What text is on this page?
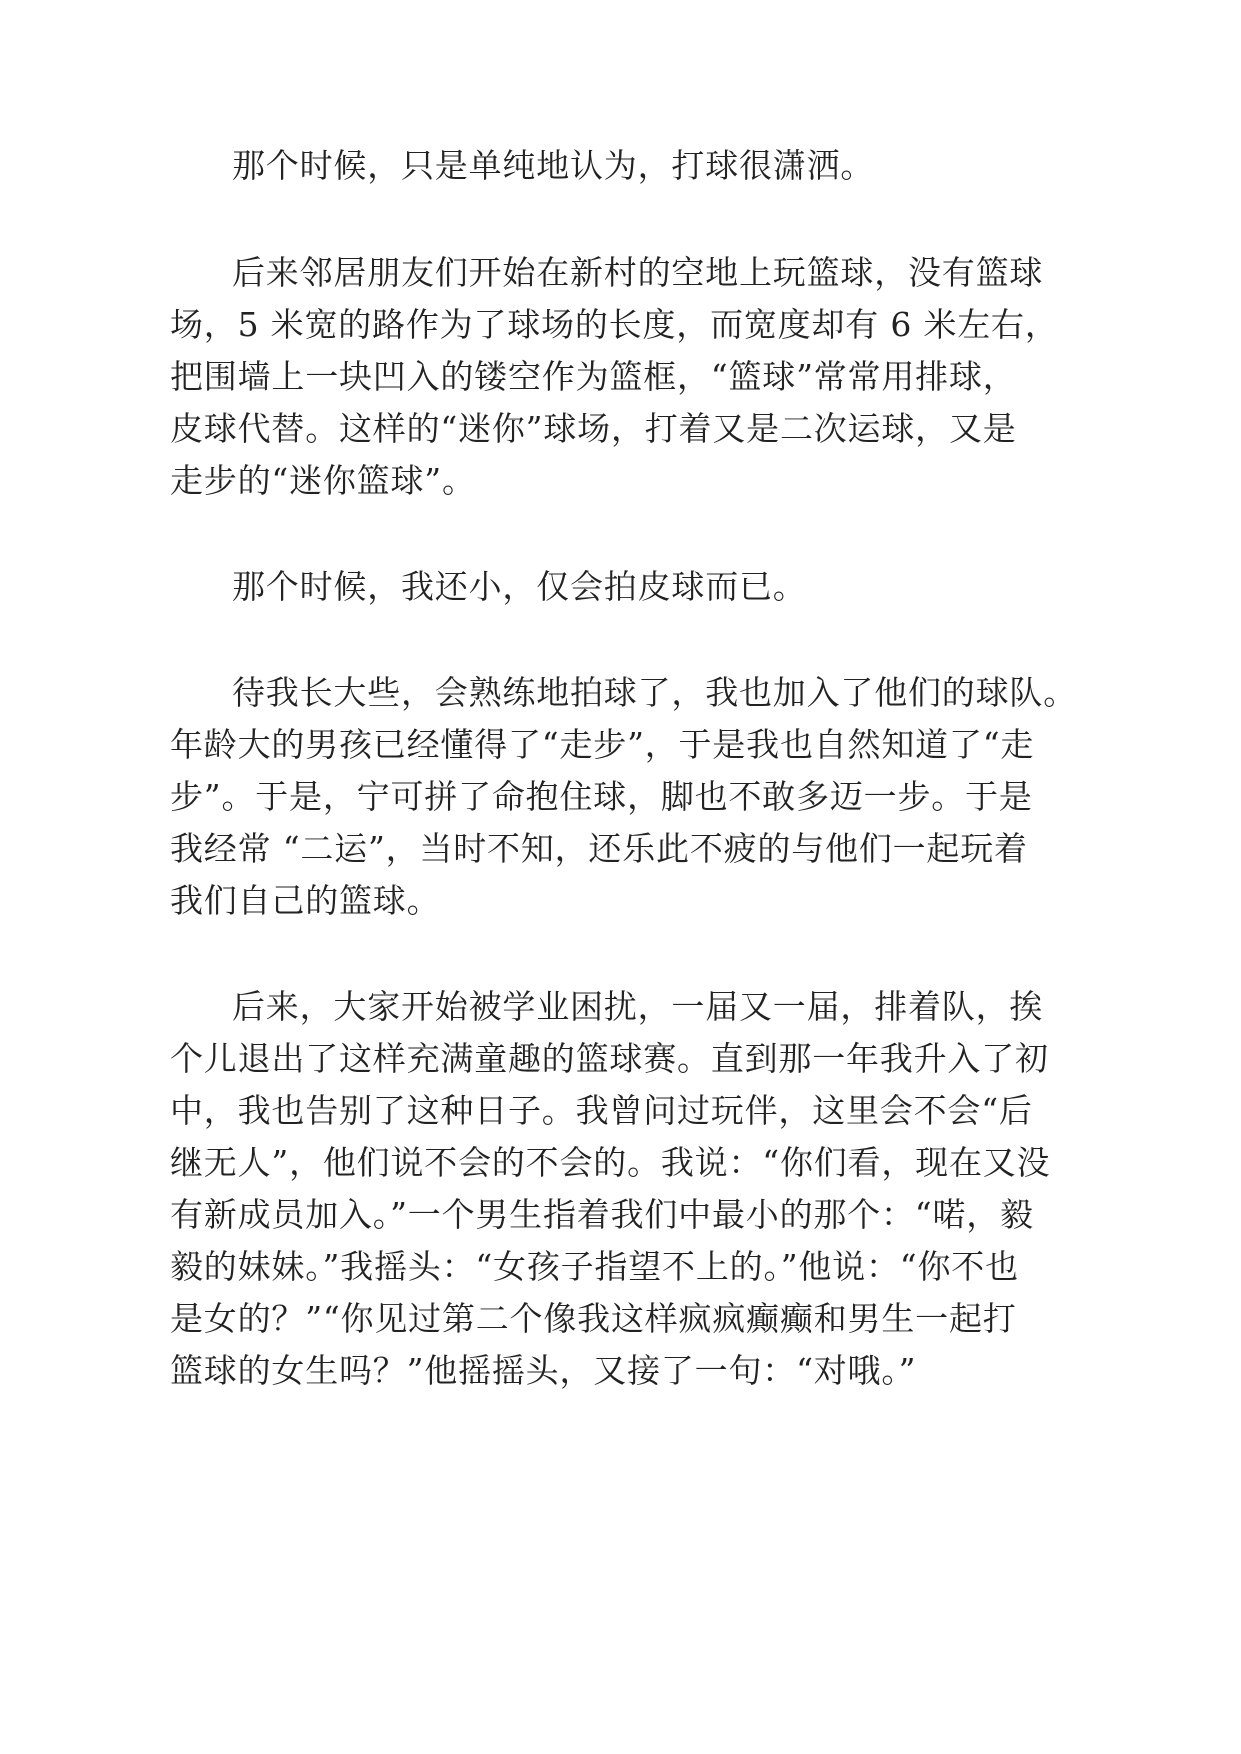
那个时候，只是单纯地认为，打球很潇洒。
后来邻居朋友们开始在新村的空地上玩篮球，没有篮球
场，5 米宽的路作为了球场的长度，而宽度却有 6 米左右，
把围墙上一块凹入的镂空作为篮框，“篮球”常常用排球，
皮球代替。这样的“迷你”球场，打着又是二次运球，又是
走步的“迷你篮球”。
那个时候，我还小，仅会拍皮球而已。
待我长大些，会熟练地拍球了，我也加入了他们的球队。
年龄大的男孩已经懂得了“走步”，于是我也自然知道了“走
步”。于是，宁可拼了命抱住球，脚也不敢多迈一步。于是
我经常 “二运”，当时不知，还乐此不疲的与他们一起玩着
我们自己的篮球。
后来，大家开始被学业困扰，一届又一届，排着队，挨
个儿退出了这样充满童趣的篮球赛。直到那一年我升入了初
中，我也告别了这种日子。我曾问过玩伴，这里会不会“后
继无人”，他们说不会的不会的。我说：“你们看，现在又没
有新成员加入。”一个男生指着我们中最小的那个：“喏，毅
毅的妹妹。”我摇头：“女孩子指望不上的。”他说：“你不也
是女的？”“你见过第二个像我这样疯疯癫癫和男生一起打
篮球的女生吗？”他摇摇头，又接了一句：“对哦。”
